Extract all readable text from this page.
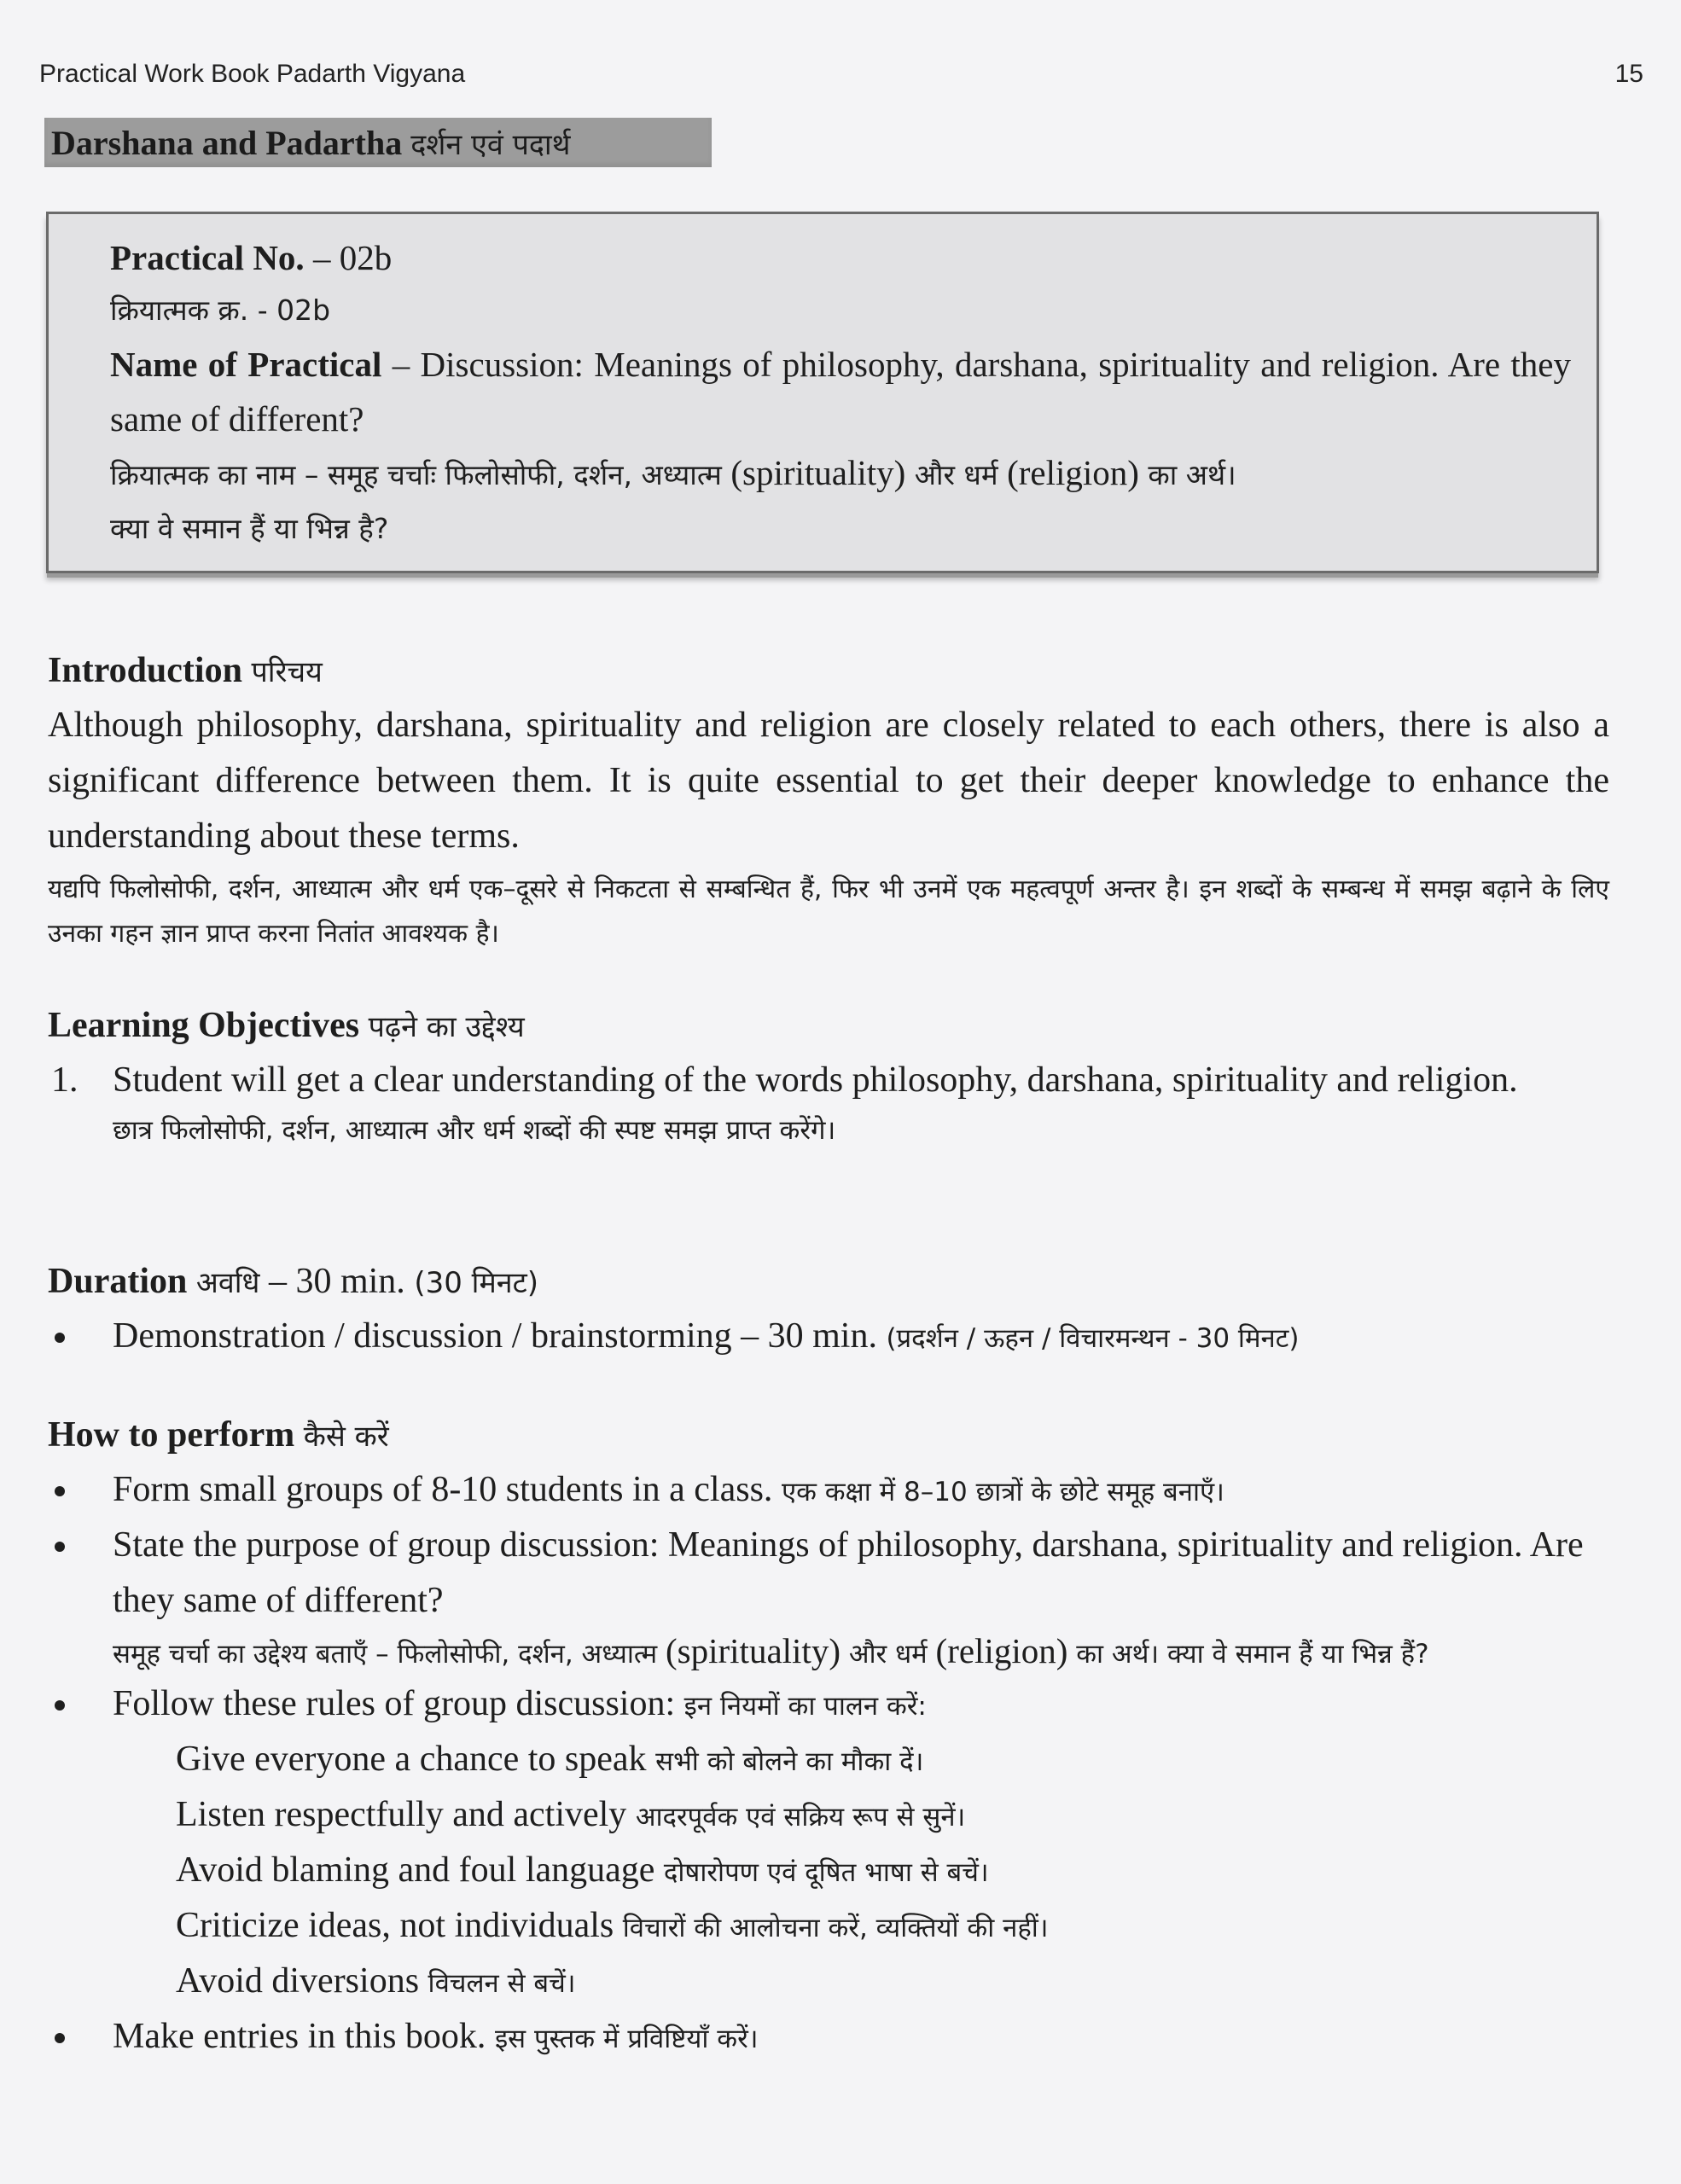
Practical Work Book Padarth Vigyana	15
Darshana and Padartha दर्शन एवं पदार्थ
Practical No. – 02b
क्रियात्मक क्र. - 02b
Name of Practical – Discussion: Meanings of philosophy, darshana, spirituality and religion. Are they same of different?
क्रियात्मक का नाम – समूह चर्चाः फिलोसोफी, दर्शन, अध्यात्म (spirituality) और धर्म (religion) का अर्थ।
क्या वे समान हैं या भिन्न है?
Introduction परिचय
Although philosophy, darshana, spirituality and religion are closely related to each others, there is also a significant difference between them. It is quite essential to get their deeper knowledge to enhance the understanding about these terms.
यद्यपि फिलोसोफी, दर्शन, आध्यात्म और धर्म एक–दूसरे से निकटता से सम्बन्धित हैं, फिर भी उनमें एक महत्वपूर्ण अन्तर है। इन शब्दों के सम्बन्ध में समझ बढ़ाने के लिए उनका गहन ज्ञान प्राप्त करना नितांत आवश्यक है।
Learning Objectives पढ़ने का उद्देश्य
1. Student will get a clear understanding of the words philosophy, darshana, spirituality and religion.
छात्र फिलोसोफी, दर्शन, आध्यात्म और धर्म शब्दों की स्पष्ट समझ प्राप्त करेंगे।
Duration अवधि – 30 min. (30 मिनट)
Demonstration / discussion / brainstorming – 30 min. (प्रदर्शन / ऊहन / विचारमन्थन - 30 मिनट)
How to perform कैसे करें
Form small groups of 8-10 students in a class. एक कक्षा में 8–10 छात्रों के छोटे समूह बनाएँ।
State the purpose of group discussion: Meanings of philosophy, darshana, spirituality and religion. Are they same of different?
समूह चर्चा का उद्देश्य बताएँ – फिलोसोफी, दर्शन, अध्यात्म (spirituality) और धर्म (religion) का अर्थ। क्या वे समान हैं या भिन्न हैं?
Follow these rules of group discussion: इन नियमों का पालन करें:
Give everyone a chance to speak सभी को बोलने का मौका दें।
Listen respectfully and actively आदरपूर्वक एवं सक्रिय रूप से सुनें।
Avoid blaming and foul language दोषारोपण एवं दूषित भाषा से बचें।
Criticize ideas, not individuals विचारों की आलोचना करें, व्यक्तियों की नहीं।
Avoid diversions विचलन से बचें।
Make entries in this book. इस पुस्तक में प्रविष्टियाँ करें।
